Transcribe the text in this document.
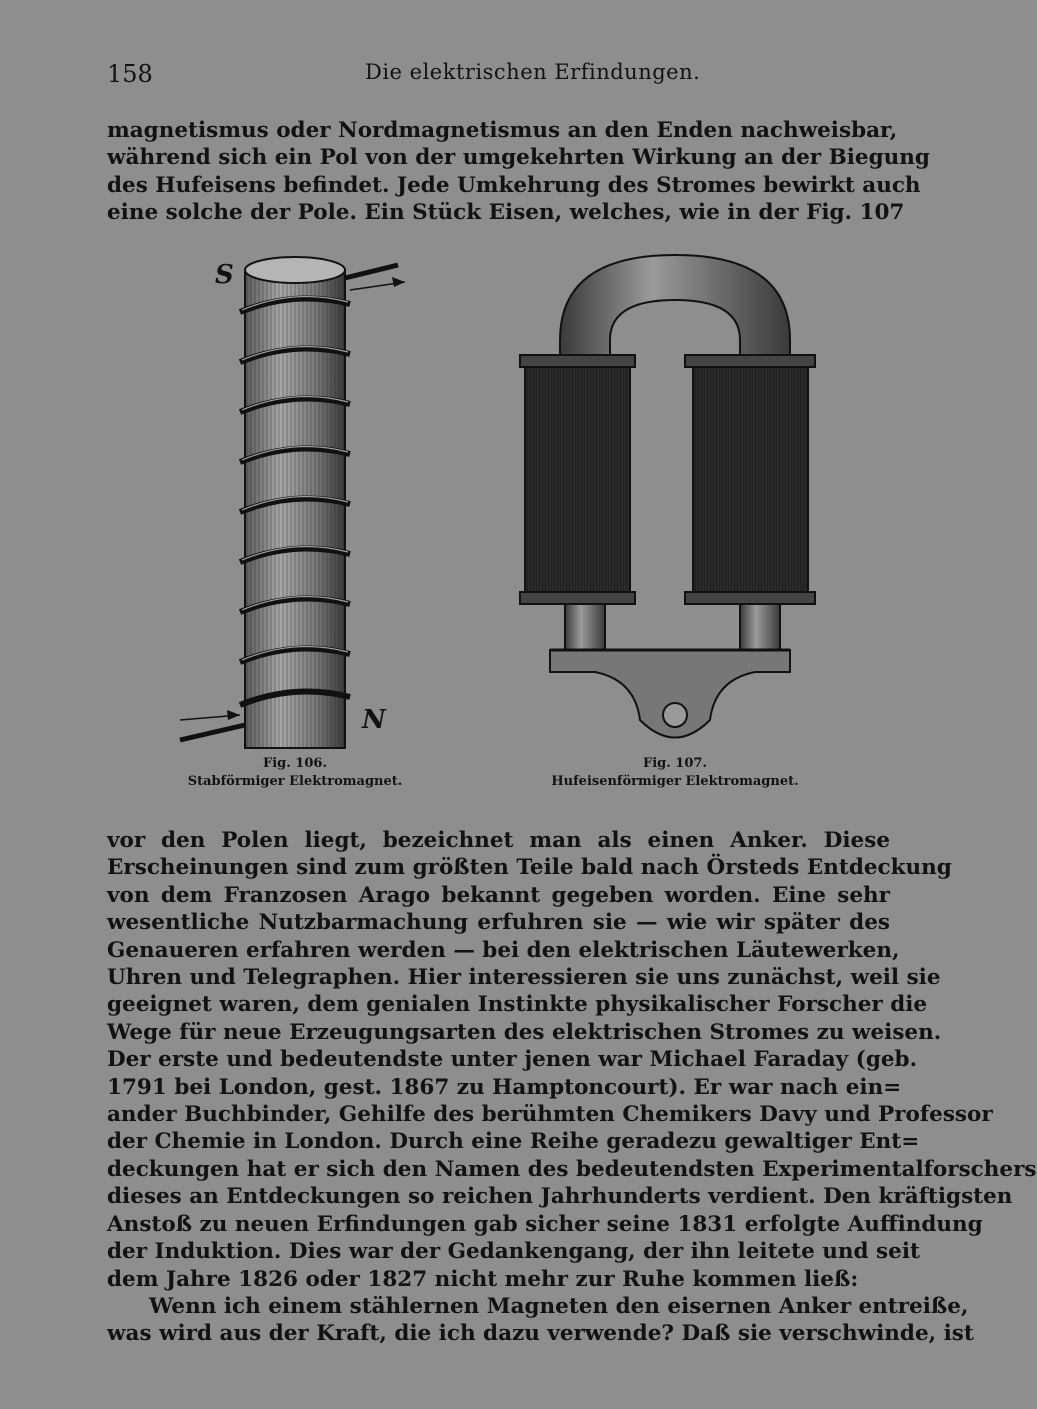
158	Die elektrischen Erfindungen.
magnetismus oder Nordmagnetismus an den Enden nachweisbar,
während sich ein Pol von der umgekehrten Wirkung an der Biegung
des Hufeisens befindet. Jede Umkehrung des Stromes bewirkt auch
eine solche der Pole. Ein Stück Eisen, welches, wie in der Fig. 107
S
N
Fig. 106.
Stabförmiger Elektromagnet.
Fig. 107.
Hufeisenförmiger Elektromagnet.
vor den Polen liegt, bezeichnet man als einen Anker. Diese
Erscheinungen sind zum größten Teile bald nach Örsteds Entdeckung
von dem Franzosen Arago bekannt gegeben worden. Eine sehr
wesentliche Nutzbarmachung erfuhren sie — wie wir später des
Genaueren erfahren werden — bei den elektrischen Läutewerken,
Uhren und Telegraphen. Hier interessieren sie uns zunächst, weil sie
geeignet waren, dem genialen Instinkte physikalischer Forscher die
Wege für neue Erzeugungsarten des elektrischen Stromes zu weisen.
Der erste und bedeutendste unter jenen war Michael Faraday (geb.
1791 bei London, gest. 1867 zu Hamptoncourt). Er war nach ein=
ander Buchbinder, Gehilfe des berühmten Chemikers Davy und Professor
der Chemie in London. Durch eine Reihe geradezu gewaltiger Ent=
deckungen hat er sich den Namen des bedeutendsten Experimentalforschers
dieses an Entdeckungen so reichen Jahrhunderts verdient. Den kräftigsten
Anstoß zu neuen Erfindungen gab sicher seine 1831 erfolgte Auffindung
der Induktion. Dies war der Gedankengang, der ihn leitete und seit
dem Jahre 1826 oder 1827 nicht mehr zur Ruhe kommen ließ:
Wenn ich einem stählernen Magneten den eisernen Anker entreiße,
was wird aus der Kraft, die ich dazu verwende? Daß sie verschwinde, ist
